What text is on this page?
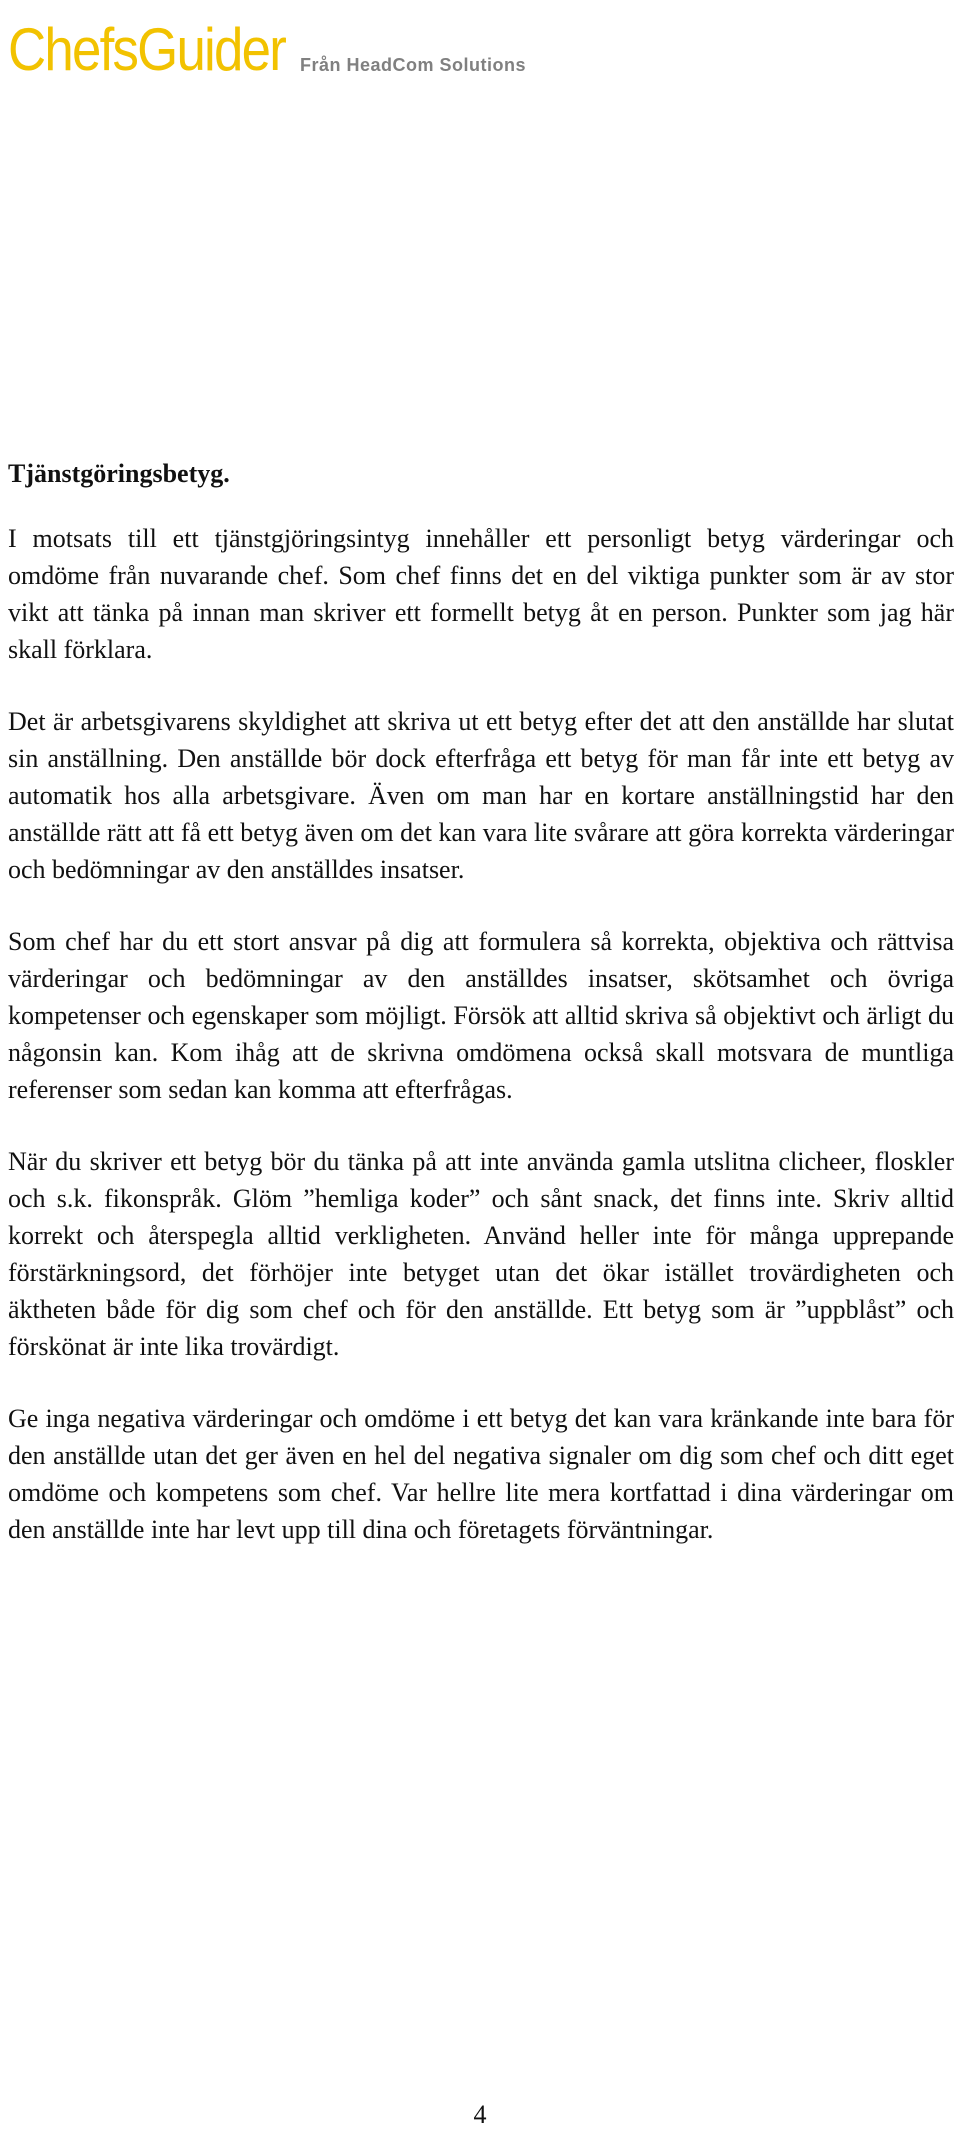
ChefsGuider Från HeadCom Solutions
Tjänstgöringsbetyg.

I motsats till ett tjänstgjöringsintyg innehåller ett personligt betyg värderingar och omdöme från nuvarande chef. Som chef finns det en del viktiga punkter som är av stor vikt att tänka på innan man skriver ett formellt betyg åt en person. Punkter som jag här skall förklara.

Det är arbetsgivarens skyldighet att skriva ut ett betyg efter det att den anställde har slutat sin anställning. Den anställde bör dock efterfråga ett betyg för man får inte ett betyg av automatik hos alla arbetsgivare. Även om man har en kortare anställningstid har den anställde rätt att få ett betyg även om det kan vara lite svårare att göra korrekta värderingar och bedömningar av den anställdes insatser.

Som chef har du ett stort ansvar på dig att formulera så korrekta, objektiva och rättvisa värderingar och bedömningar av den anställdes insatser, skötsamhet och övriga kompetenser och egenskaper som möjligt. Försök att alltid skriva så objektivt och ärligt du någonsin kan. Kom ihåg att de skrivna omdömena också skall motsvara de muntliga referenser som sedan kan komma att efterfrågas.

När du skriver ett betyg bör du tänka på att inte använda gamla utslitna clicheer, floskler och s.k. fikonspråk. Glöm ”hemliga koder” och sånt snack, det finns inte. Skriv alltid korrekt och återspegla alltid verkligheten. Använd heller inte för många upprepande förstärkningsord, det förhöjer inte betyget utan det ökar istället trovärdigheten och äktheten både för dig som chef och för den anställde. Ett betyg som är ”uppblåst” och förskönat är inte lika trovärdigt.

Ge inga negativa värderingar och omdöme i ett betyg det kan vara kränkande inte bara för den anställde utan det ger även en hel del negativa signaler om dig som chef och ditt eget omdöme och kompetens som chef. Var hellre lite mera kortfattad i dina värderingar om den anställde inte har levt upp till dina och företagets förväntningar.

4
